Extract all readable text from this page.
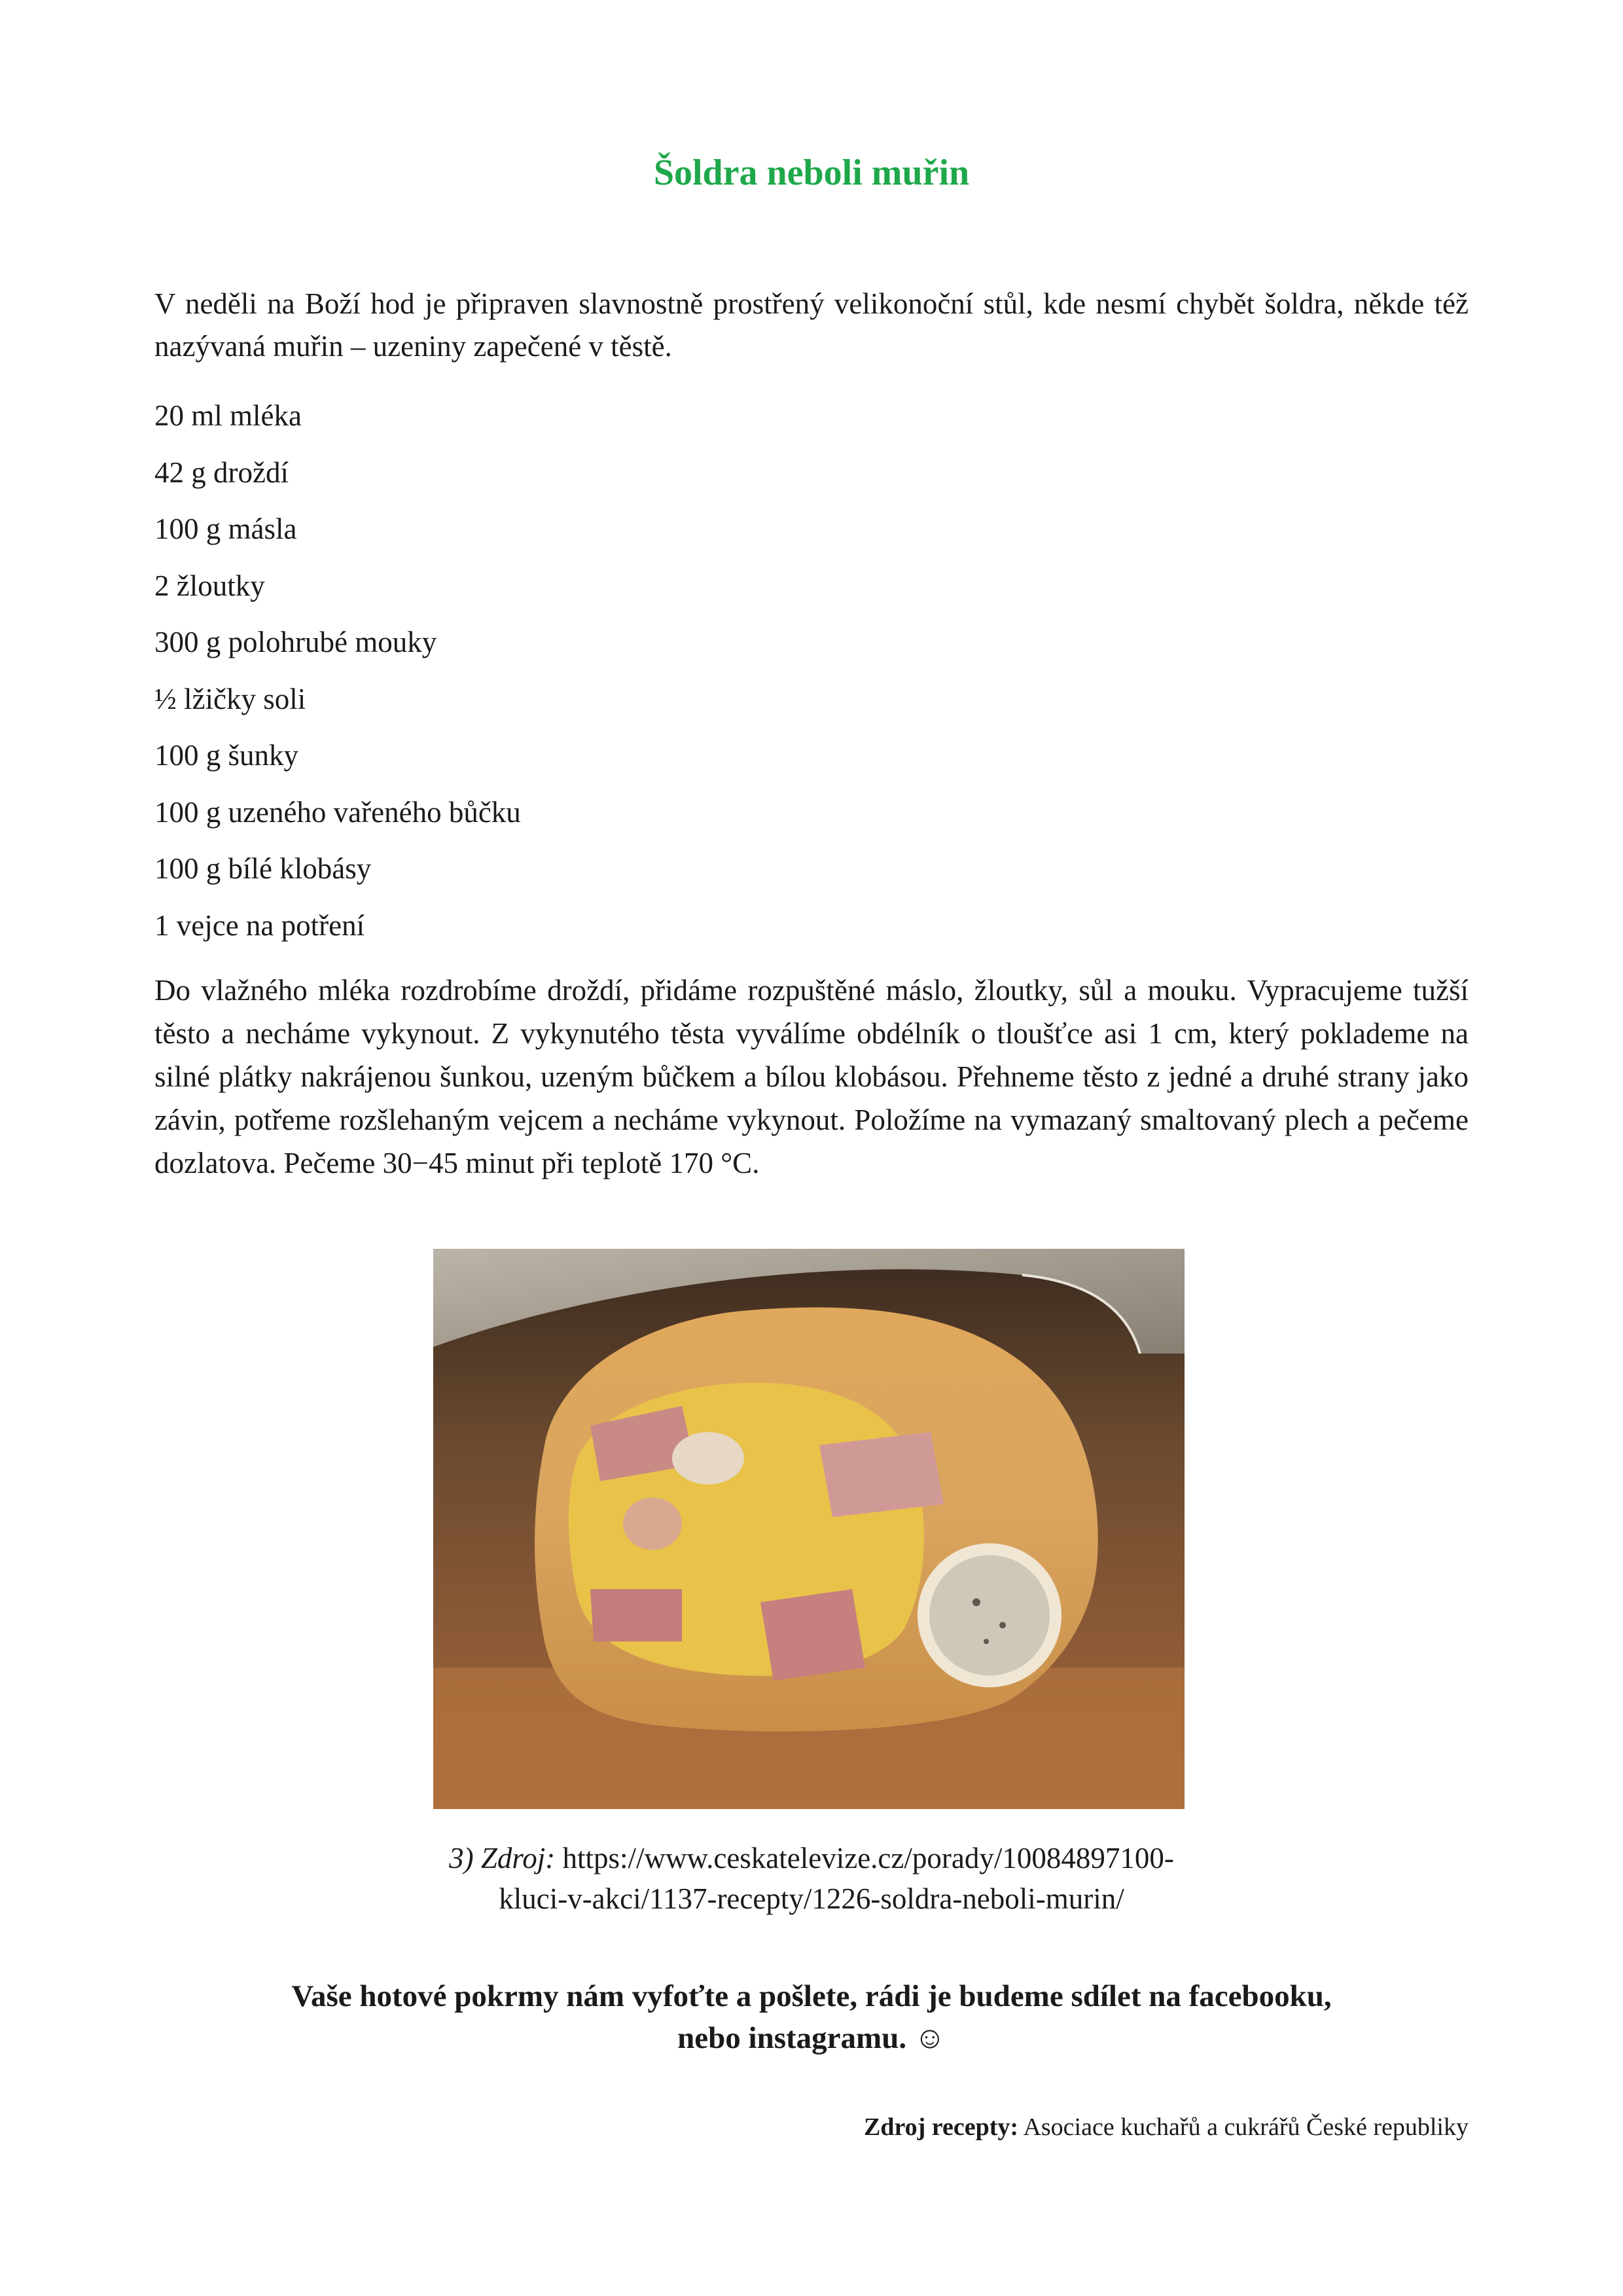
Šoldra neboli muřin

V neděli na Boží hod je připraven slavnostně prostřený velikonoční stůl, kde nesmí chybět šoldra, někde též nazývaná muřin – uzeniny zapečené v těstě.

20 ml mléka
42 g droždí
100 g másla
2 žloutky
300 g polohrubé mouky
½ lžičky soli
100 g šunky
100 g uzeného vařeného bůčku
100 g bílé klobásy
1 vejce na potření

Do vlažného mléka rozdrobíme droždí, přidáme rozpuštěné máslo, žloutky, sůl a mouku. Vypracujeme tužší těsto a necháme vykynout. Z vykynutého těsta vyválíme obdélník o tloušťce asi 1 cm, který poklademe na silné plátky nakrájenou šunkou, uzeným bůčkem a bílou klobásou. Přehneme těsto z jedné a druhé strany jako závin, potřeme rozšlehaným vejcem a necháme vykynout. Položíme na vymazaný smaltovaný plech a pečeme dozlatova. Pečeme 30−45 minut při teplotě 170 °C.

3) Zdroj: https://www.ceskatelevize.cz/porady/10084897100-
kluci-v-akci/1137-recepty/1226-soldra-neboli-murin/

Vaše hotové pokrmy nám vyfoťte a pošlete, rádi je budeme sdílet na facebooku,
nebo instagramu. ☺

Zdroj recepty: Asociace kuchařů a cukrářů České republiky
